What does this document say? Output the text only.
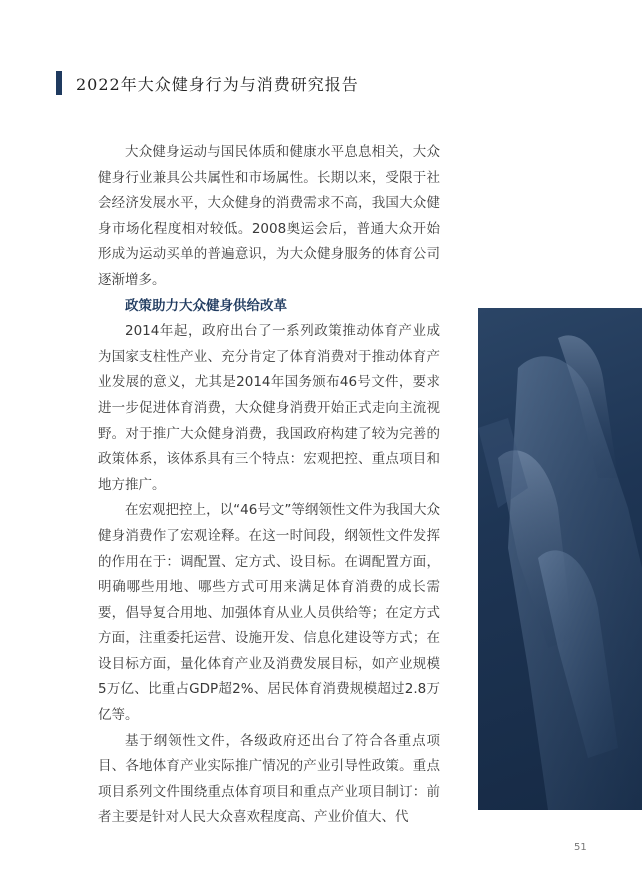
2022年大众健身行为与消费研究报告

大众健身运动与国民体质和健康水平息息相关，大众健身行业兼具公共属性和市场属性。长期以来，受限于社会经济发展水平，大众健身的消费需求不高，我国大众健身市场化程度相对较低。2008奥运会后，普通大众开始形成为运动买单的普遍意识，为大众健身服务的体育公司逐渐增多。

政策助力大众健身供给改革

2014年起，政府出台了一系列政策推动体育产业成为国家支柱性产业、充分肯定了体育消费对于推动体育产业发展的意义，尤其是2014年国务颁布46号文件，要求进一步促进体育消费，大众健身消费开始正式走向主流视野。对于推广大众健身消费，我国政府构建了较为完善的政策体系，该体系具有三个特点：宏观把控、重点项目和地方推广。

在宏观把控上，以“46号文”等纲领性文件为我国大众健身消费作了宏观诠释。在这一时间段，纲领性文件发挥的作用在于：调配置、定方式、设目标。在调配置方面，明确哪些用地、哪些方式可用来满足体育消费的成长需要，倡导复合用地、加强体育从业人员供给等；在定方式方面，注重委托运营、设施开发、信息化建设等方式；在设目标方面，量化体育产业及消费发展目标，如产业规模5万亿、比重占GDP超2%、居民体育消费规模超过2.8万亿等。

基于纲领性文件，各级政府还出台了符合各重点项目、各地体育产业实际推广情况的产业引导性政策。重点项目系列文件围绕重点体育项目和重点产业项目制订：前者主要是针对人民大众喜欢程度高、产业价值大、代

51
